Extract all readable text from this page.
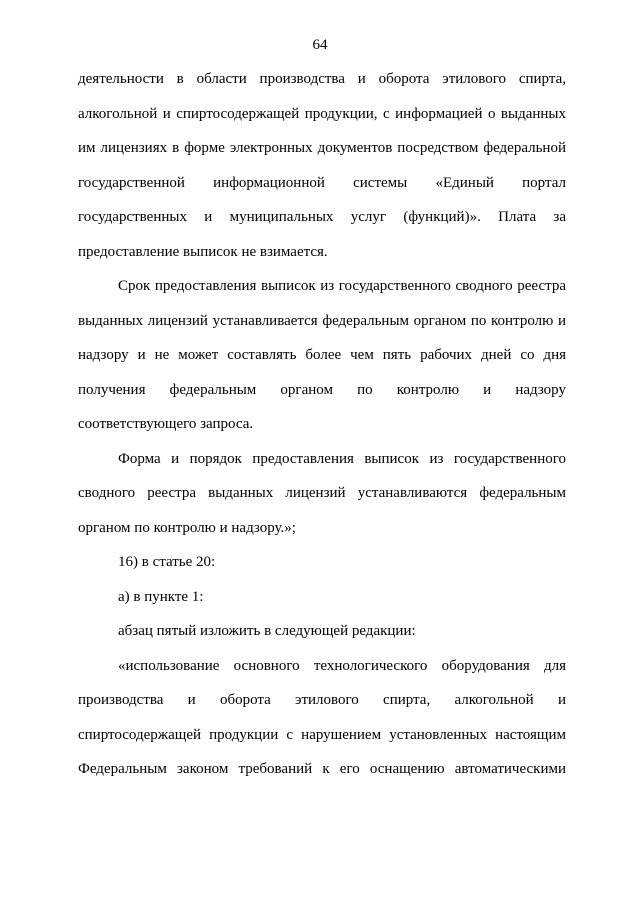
64
деятельности в области производства и оборота этилового спирта,
алкогольной и спиртосодержащей продукции, с информацией о выданных
им лицензиях в форме электронных документов посредством федеральной
государственной информационной системы «Единый портал
государственных и муниципальных услуг (функций)». Плата за
предоставление выписок не взимается.
Срок предоставления выписок из государственного сводного реестра
выданных лицензий устанавливается федеральным органом по контролю и
надзору и не может составлять более чем пять рабочих дней со дня
получения федеральным органом по контролю и надзору
соответствующего запроса.
Форма и порядок предоставления выписок из государственного
сводного реестра выданных лицензий устанавливаются федеральным
органом по контролю и надзору.»;
16) в статье 20:
а) в пункте 1:
абзац пятый изложить в следующей редакции:
«использование основного технологического оборудования для
производства и оборота этилового спирта, алкогольной и
спиртосодержащей продукции с нарушением установленных настоящим
Федеральным законом требований к его оснащению автоматическими
